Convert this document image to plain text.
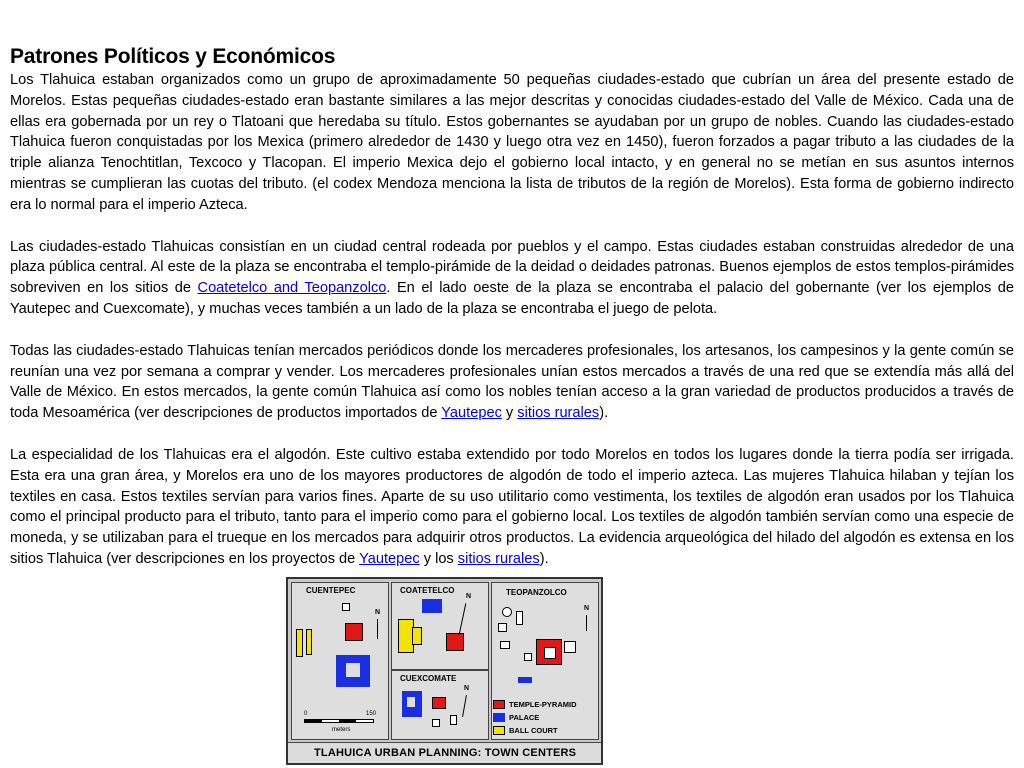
Patrones Políticos y Económicos

Los Tlahuica estaban organizados como un grupo de aproximadamente 50 pequeñas ciudades-estado que cubrían un área del presente estado de Morelos. Estas pequeñas ciudades-estado eran bastante similares a las mejor descritas y conocidas ciudades-estado del Valle de México. Cada una de ellas era gobernada por un rey o Tlatoani que heredaba su título. Estos gobernantes se ayudaban por un grupo de nobles. Cuando las ciudades-estado Tlahuica fueron conquistadas por los Mexica (primero alrededor de 1430 y luego otra vez en 1450), fueron forzados a pagar tributo a las ciudades de la triple alianza Tenochtitlan, Texcoco y Tlacopan. El imperio Mexica dejo el gobierno local intacto, y en general no se metían en sus asuntos internos mientras se cumplieran las cuotas del tributo. (el codex Mendoza menciona la lista de tributos de la región de Morelos). Esta forma de gobierno indirecto era lo normal para el imperio Azteca.

Las ciudades-estado Tlahuicas consistían en un ciudad central rodeada por pueblos y el campo. Estas ciudades estaban construidas alrededor de una plaza pública central. Al este de la plaza se encontraba el templo-pirámide de la deidad o deidades patronas. Buenos ejemplos de estos templos-pirámides sobreviven en los sitios de Coatetelco and Teopanzolco. En el lado oeste de la plaza se encontraba el palacio del gobernante (ver los ejemplos de Yautepec and Cuexcomate), y muchas veces también a un lado de la plaza se encontraba el juego de pelota.

Todas las ciudades-estado Tlahuicas tenían mercados periódicos donde los mercaderes profesionales, los artesanos, los campesinos y la gente común se reunían una vez por semana a comprar y vender. Los mercaderes profesionales unían estos mercados a través de una red que se extendía más allá del Valle de México. En estos mercados, la gente común Tlahuica así como los nobles tenían acceso a la gran variedad de productos producidos a través de toda Mesoamérica (ver descripciones de productos importados de Yautepec y sitios rurales).

La especialidad de los Tlahuicas era el algodón. Este cultivo estaba extendido por todo Morelos en todos los lugares donde la tierra podía ser irrigada. Esta era una gran área, y Morelos era uno de los mayores productores de algodón de todo el imperio azteca. Las mujeres Tlahuica hilaban y tejían los textiles en casa. Estos textiles servían para varios fines. Aparte de su uso utilitario como vestimenta, los textiles de algodón eran usados por los Tlahuica como el principal producto para el tributo, tanto para el imperio como para el gobierno local. Los textiles de algodón también servían como una especie de moneda, y se utilizaban para el trueque en los mercados para adquirir otros productos. La evidencia arqueológica del hilado del algodón es extensa en los sitios Tlahuica (ver descripciones en los proyectos de Yautepec y los sitios rurales).

CUENTEPEC
N
0	150
meters
COATETELCO
N	TEOPANZOLCO
N
CUEXCOMATE
N
TEMPLE-PYRAMID
PALACE
BALL COURT
TLAHUICA URBAN PLANNING: TOWN CENTERS
